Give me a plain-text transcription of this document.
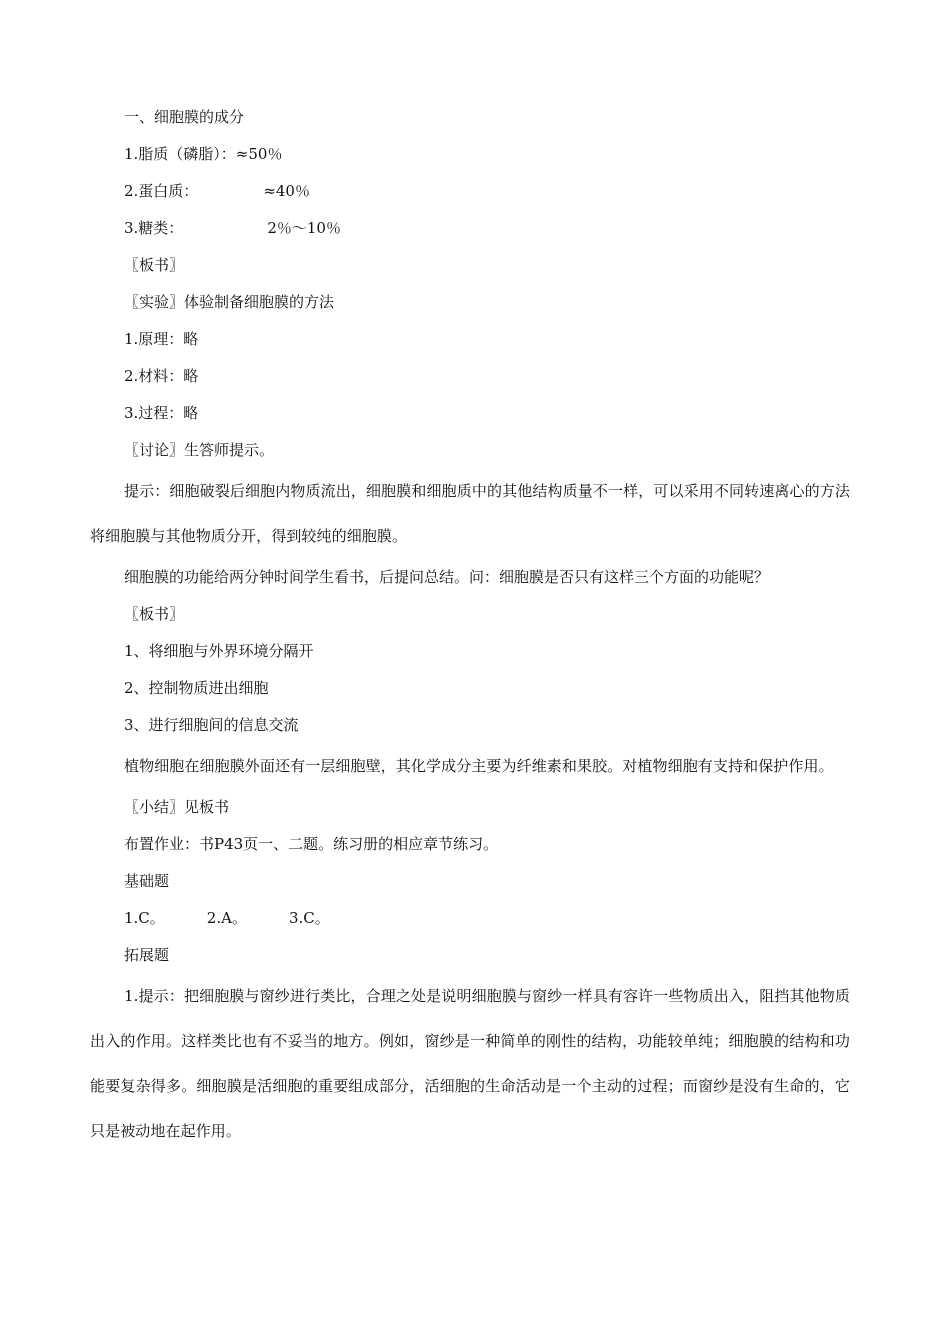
一、细胞膜的成分

1.脂质（磷脂）：≈50％

2.蛋白质：	≈40％

3.糖类：	2％～10％

〖板书〗

〖实验〗体验制备细胞膜的方法

1.原理：略

2.材料：略

3.过程：略

〖讨论〗生答师提示。

提示：细胞破裂后细胞内物质流出，细胞膜和细胞质中的其他结构质量不一样，可以采用不同转速离心的方法将细胞膜与其他物质分开，得到较纯的细胞膜。

细胞膜的功能给两分钟时间学生看书，后提问总结。问：细胞膜是否只有这样三个方面的功能呢？

〖板书〗

1、将细胞与外界环境分隔开

2、控制物质进出细胞

3、进行细胞间的信息交流

植物细胞在细胞膜外面还有一层细胞壁，其化学成分主要为纤维素和果胶。对植物细胞有支持和保护作用。

〖小结〗见板书

布置作业：书P43页一、二题。练习册的相应章节练习。

基础题

1.C。	2.A。	3.C。

拓展题

1.提示：把细胞膜与窗纱进行类比，合理之处是说明细胞膜与窗纱一样具有容许一些物质出入，阻挡其他物质出入的作用。这样类比也有不妥当的地方。例如，窗纱是一种简单的刚性的结构，功能较单纯；细胞膜的结构和功能要复杂得多。细胞膜是活细胞的重要组成部分，活细胞的生命活动是一个主动的过程；而窗纱是没有生命的，它只是被动地在起作用。
